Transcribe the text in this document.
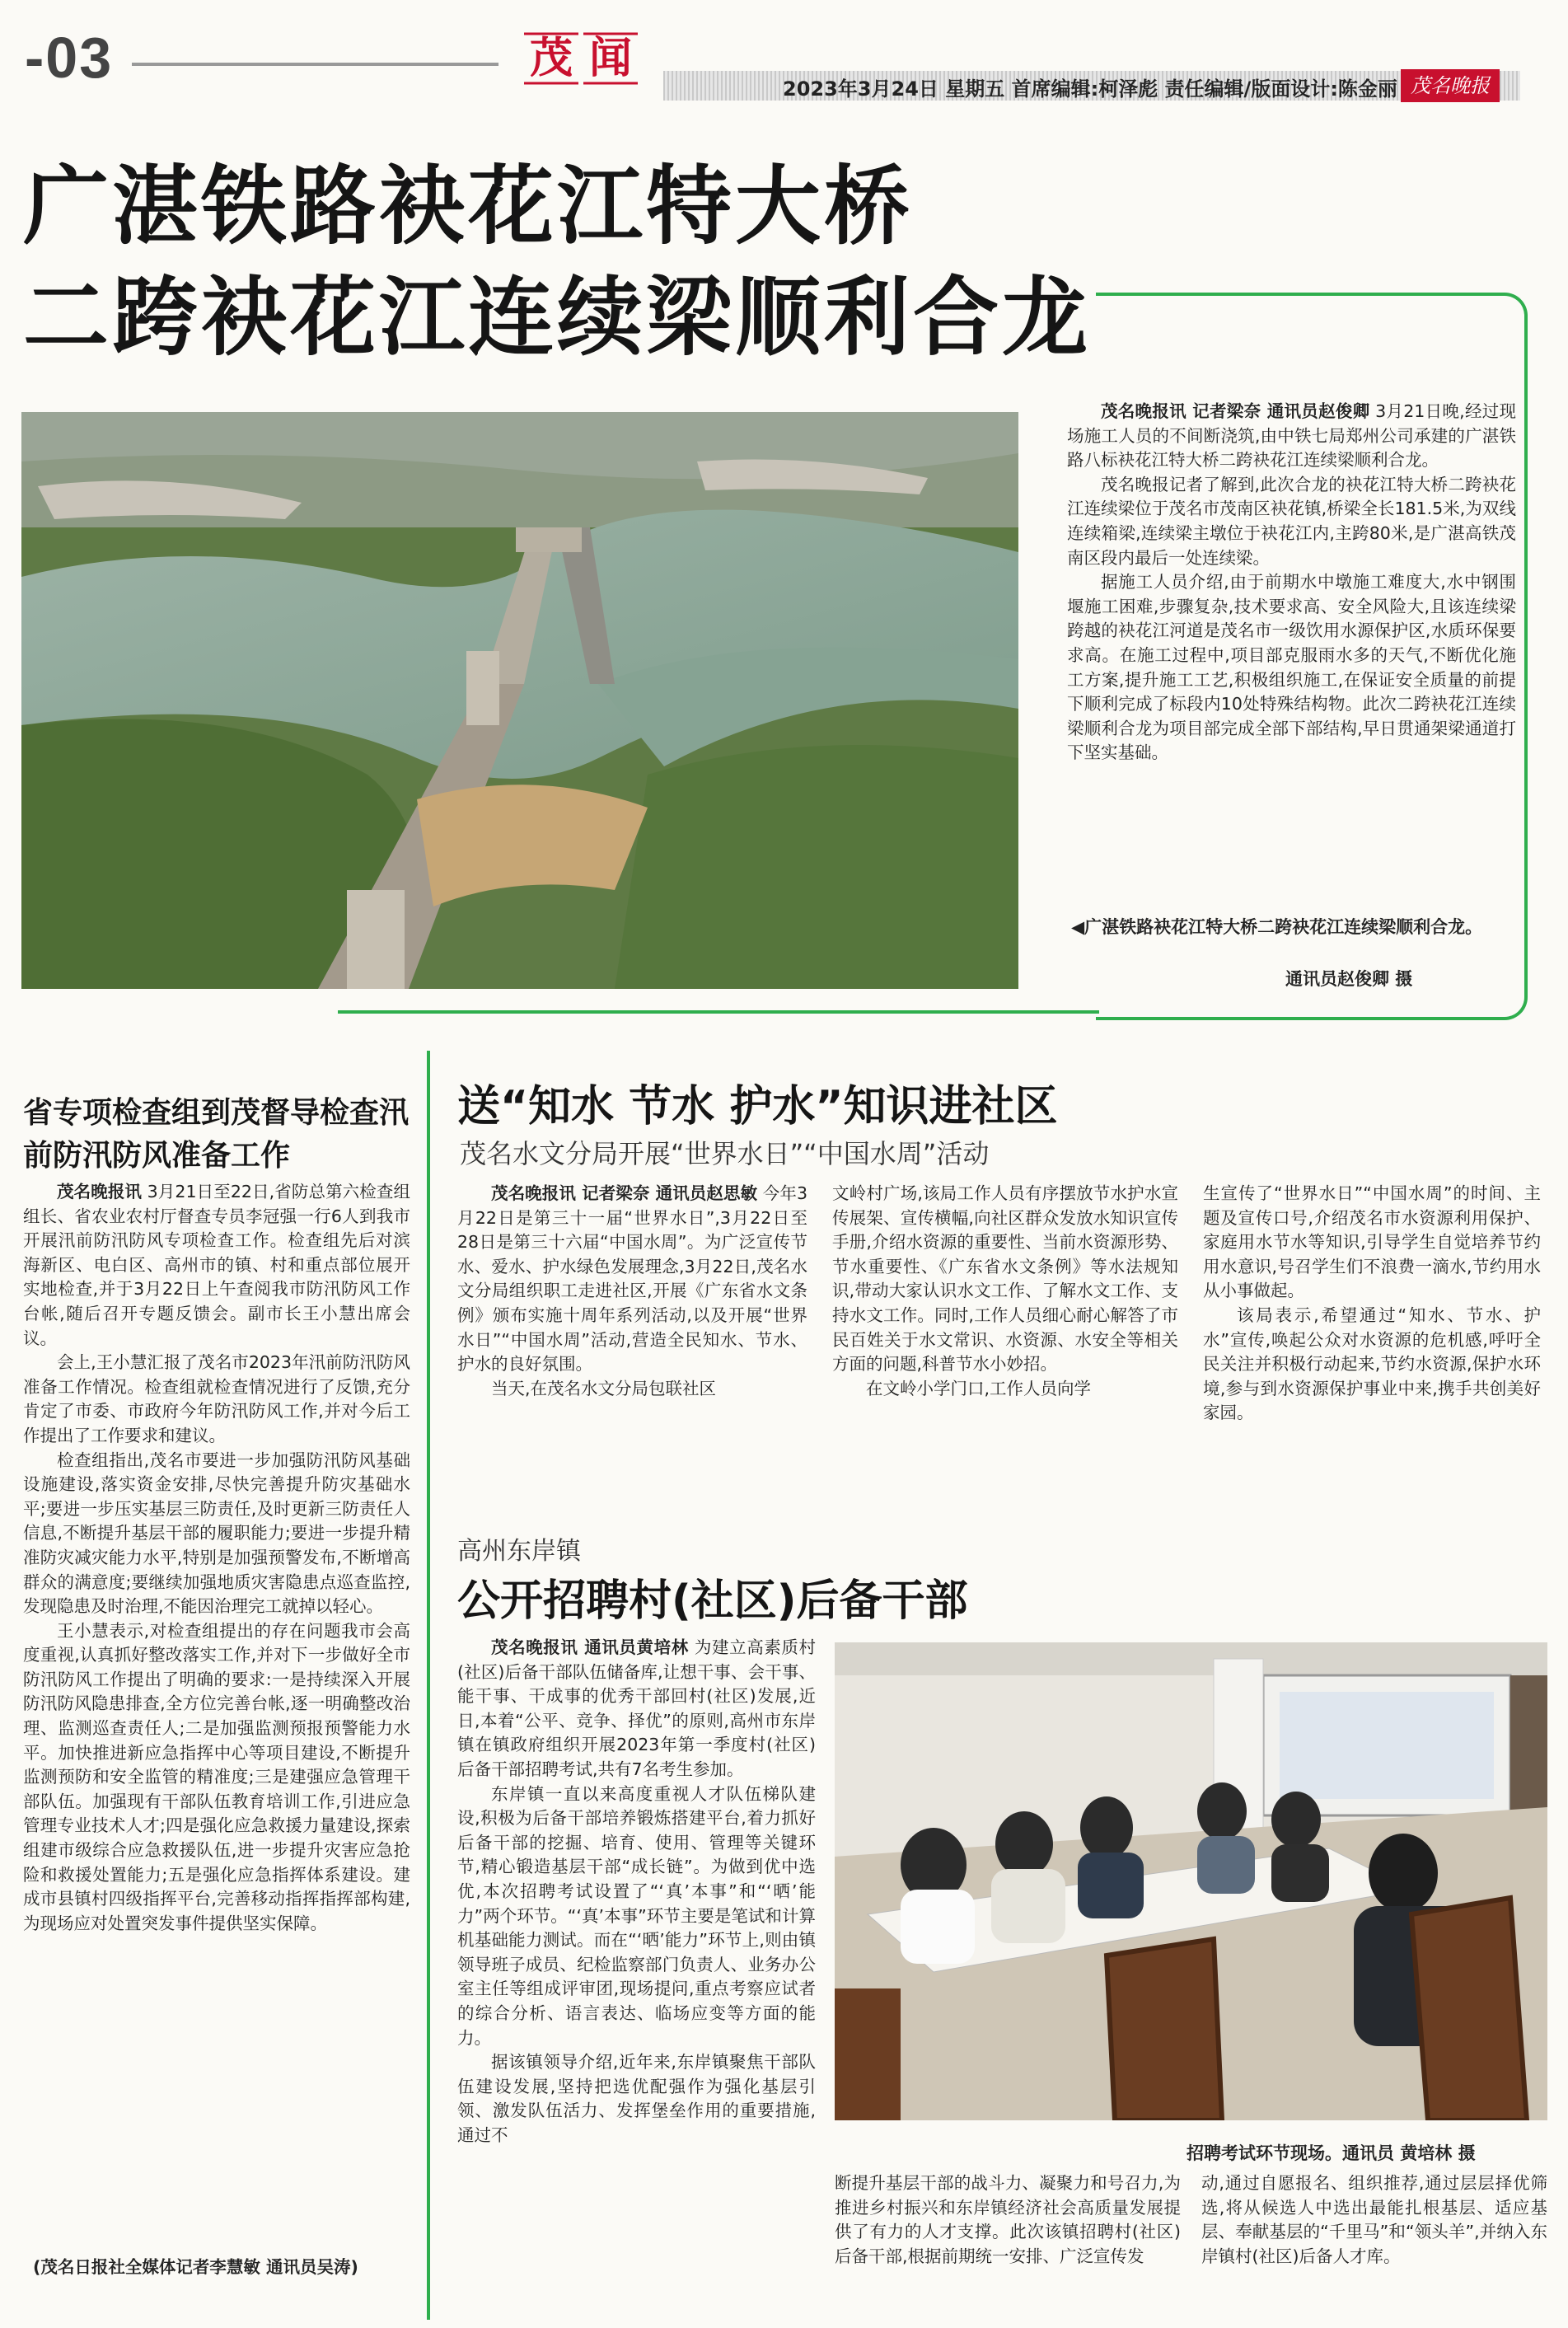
-03	茂 闻
2023年3月24日 星期五 首席编辑:柯泽彪 责任编辑/版面设计:陈金丽 茂名晚报
广湛铁路袂花江特大桥
二跨袂花江连续梁顺利合龙

茂名晚报讯 记者梁奈 通讯员赵俊卿 3月21日晚,经过现场施工人员的不间断浇筑,由中铁七局郑州公司承建的广湛铁路八标袂花江特大桥二跨袂花江连续梁顺利合龙。

茂名晚报记者了解到,此次合龙的袂花江特大桥二跨袂花江连续梁位于茂名市茂南区袂花镇,桥梁全长181.5米,为双线连续箱梁,连续梁主墩位于袂花江内,主跨80米,是广湛高铁茂南区段内最后一处连续梁。

据施工人员介绍,由于前期水中墩施工难度大,水中钢围堰施工困难,步骤复杂,技术要求高、安全风险大,且该连续梁跨越的袂花江河道是茂名市一级饮用水源保护区,水质环保要求高。在施工过程中,项目部克服雨水多的天气,不断优化施工方案,提升施工工艺,积极组织施工,在保证安全质量的前提下顺利完成了标段内10处特殊结构物。此次二跨袂花江连续梁顺利合龙为项目部完成全部下部结构,早日贯通架梁通道打下坚实基础。

◀广湛铁路袂花江特大桥二跨袂花江连续梁顺利合龙。
通讯员赵俊卿 摄
省专项检查组到茂督导检查汛前防汛防风准备工作

茂名晚报讯 3月21日至22日,省防总第六检查组组长、省农业农村厅督查专员李冠强一行6人到我市开展汛前防汛防风专项检查工作。检查组先后对滨海新区、电白区、高州市的镇、村和重点部位展开实地检查,并于3月22日上午查阅我市防汛防风工作台帐,随后召开专题反馈会。副市长王小慧出席会议。

会上,王小慧汇报了茂名市2023年汛前防汛防风准备工作情况。检查组就检查情况进行了反馈,充分肯定了市委、市政府今年防汛防风工作,并对今后工作提出了工作要求和建议。

检查组指出,茂名市要进一步加强防汛防风基础设施建设,落实资金安排,尽快完善提升防灾基础水平;要进一步压实基层三防责任,及时更新三防责任人信息,不断提升基层干部的履职能力;要进一步提升精准防灾减灾能力水平,特别是加强预警发布,不断增高群众的满意度;要继续加强地质灾害隐患点巡查监控,发现隐患及时治理,不能因治理完工就掉以轻心。

王小慧表示,对检查组提出的存在问题我市会高度重视,认真抓好整改落实工作,并对下一步做好全市防汛防风工作提出了明确的要求:一是持续深入开展防汛防风隐患排查,全方位完善台帐,逐一明确整改治理、监测巡查责任人;二是加强监测预报预警能力水平。加快推进新应急指挥中心等项目建设,不断提升监测预防和安全监管的精准度;三是建强应急管理干部队伍。加强现有干部队伍教育培训工作,引进应急管理专业技术人才;四是强化应急救援力量建设,探索组建市级综合应急救援队伍,进一步提升灾害应急抢险和救援处置能力;五是强化应急指挥体系建设。建成市县镇村四级指挥平台,完善移动指挥指挥部构建,为现场应对处置突发事件提供坚实保障。

(茂名日报社全媒体记者李慧敏 通讯员吴涛)
送“知水 节水 护水”知识进社区
茂名水文分局开展“世界水日”“中国水周”活动

茂名晚报讯 记者梁奈 通讯员赵思敏 今年3月22日是第三十一届“世界水日”,3月22日至28日是第三十六届“中国水周”。为广泛宣传节水、爱水、护水绿色发展理念,3月22日,茂名水文分局组织职工走进社区,开展《广东省水文条例》颁布实施十周年系列活动,以及开展“世界水日”“中国水周”活动,营造全民知水、节水、护水的良好氛围。

当天,在茂名水文分局包联社区

文岭村广场,该局工作人员有序摆放节水护水宣传展架、宣传横幅,向社区群众发放水知识宣传手册,介绍水资源的重要性、当前水资源形势、节水重要性、《广东省水文条例》等水法规知识,带动大家认识水文工作、了解水文工作、支持水文工作。同时,工作人员细心耐心解答了市民百姓关于水文常识、水资源、水安全等相关方面的问题,科普节水小妙招。

在文岭小学门口,工作人员向学

生宣传了“世界水日”“中国水周”的时间、主题及宣传口号,介绍茂名市水资源利用保护、家庭用水节水等知识,引导学生自觉培养节约用水意识,号召学生们不浪费一滴水,节约用水从小事做起。

该局表示,希望通过“知水、节水、护水”宣传,唤起公众对水资源的危机感,呼吁全民关注并积极行动起来,节约水资源,保护水环境,参与到水资源保护事业中来,携手共创美好家园。

高州东岸镇
公开招聘村(社区)后备干部

茂名晚报讯 通讯员黄培林 为建立高素质村(社区)后备干部队伍储备库,让想干事、会干事、能干事、干成事的优秀干部回村(社区)发展,近日,本着“公平、竞争、择优”的原则,高州市东岸镇在镇政府组织开展2023年第一季度村(社区)后备干部招聘考试,共有7名考生参加。

东岸镇一直以来高度重视人才队伍梯队建设,积极为后备干部培养锻炼搭建平台,着力抓好后备干部的挖掘、培育、使用、管理等关键环节,精心锻造基层干部“成长链”。为做到优中选优,本次招聘考试设置了“‘真’本事”和“‘晒’能力”两个环节。“‘真’本事”环节主要是笔试和计算机基础能力测试。而在“‘晒’能力”环节上,则由镇领导班子成员、纪检监察部门负责人、业务办公室主任等组成评审团,现场提问,重点考察应试者的综合分析、语言表达、临场应变等方面的能力。

据该镇领导介绍,近年来,东岸镇聚焦干部队伍建设发展,坚持把选优配强作为强化基层引领、激发队伍活力、发挥堡垒作用的重要措施,通过不

招聘考试环节现场。通讯员 黄培林 摄

断提升基层干部的战斗力、凝聚力和号召力,为推进乡村振兴和东岸镇经济社会高质量发展提供了有力的人才支撑。此次该镇招聘村(社区)后备干部,根据前期统一安排、广泛宣传发

动,通过自愿报名、组织推荐,通过层层择优筛选,将从候选人中选出最能扎根基层、适应基层、奉献基层的“千里马”和“领头羊”,并纳入东岸镇村(社区)后备人才库。
